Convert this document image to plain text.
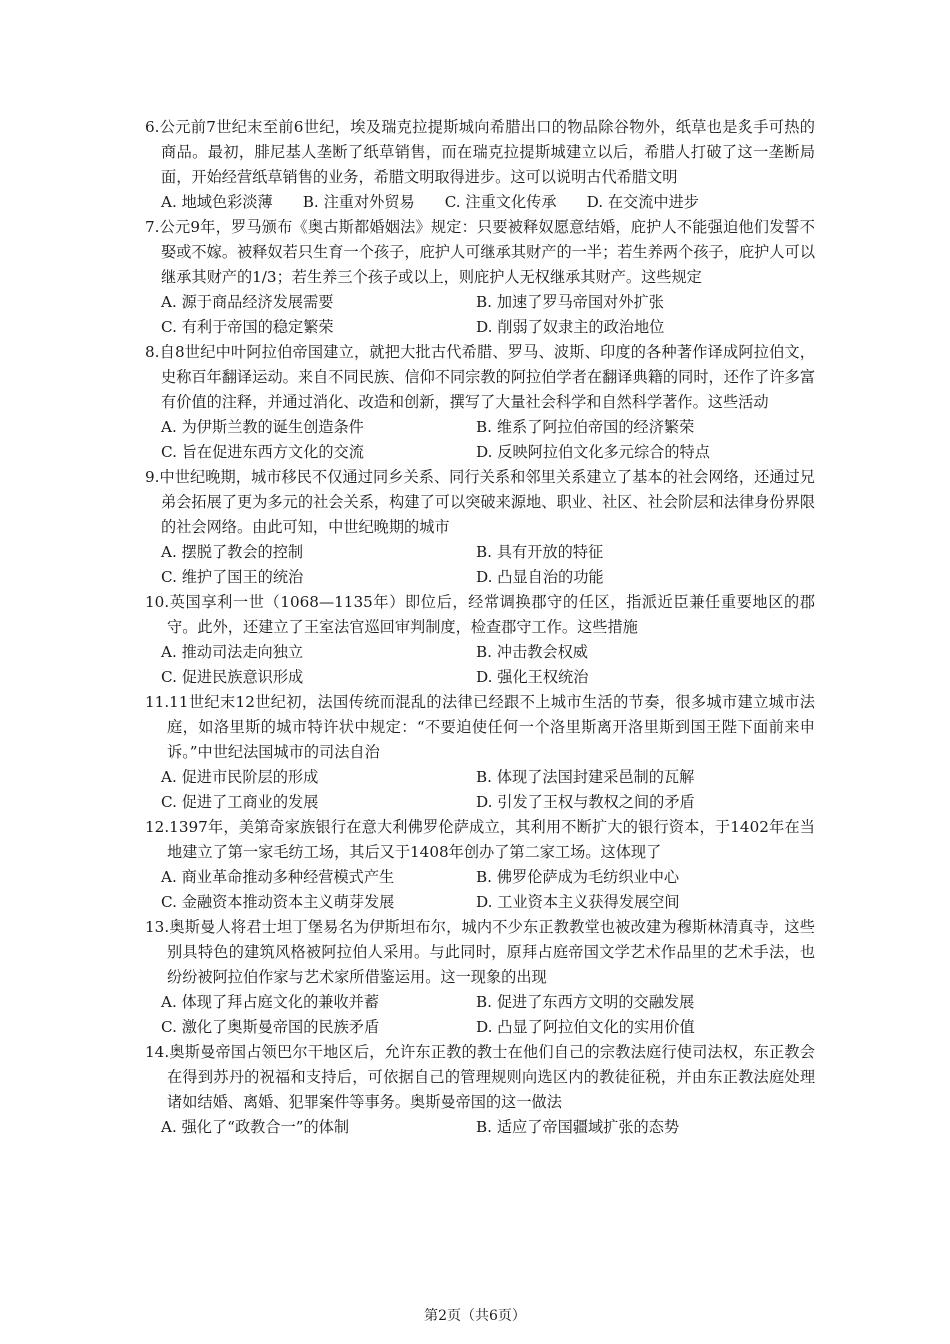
6.公元前7世纪末至前6世纪，埃及瑞克拉提斯城向希腊出口的物品除谷物外，纸草也是炙手可热的商品。最初，腓尼基人垄断了纸草销售，而在瑞克拉提斯城建立以后，希腊人打破了这一垄断局面，开始经营纸草销售的业务，希腊文明取得进步。这可以说明古代希腊文明

A. 地域色彩淡薄 B. 注重对外贸易 C. 注重文化传承 D. 在交流中进步

7.公元9年，罗马颁布《奥古斯都婚姻法》规定：只要被释奴愿意结婚，庇护人不能强迫他们发誓不娶或不嫁。被释奴若只生育一个孩子，庇护人可继承其财产的一半；若生养两个孩子，庇护人可以继承其财产的1/3；若生养三个孩子或以上，则庇护人无权继承其财产。这些规定

A. 源于商品经济发展需要	B. 加速了罗马帝国对外扩张
C. 有利于帝国的稳定繁荣	D. 削弱了奴隶主的政治地位

8.自8世纪中叶阿拉伯帝国建立，就把大批古代希腊、罗马、波斯、印度的各种著作译成阿拉伯文，史称百年翻译运动。来自不同民族、信仰不同宗教的阿拉伯学者在翻译典籍的同时，还作了许多富有价值的注释，并通过消化、改造和创新，撰写了大量社会科学和自然科学著作。这些活动

A. 为伊斯兰教的诞生创造条件	B. 维系了阿拉伯帝国的经济繁荣
C. 旨在促进东西方文化的交流	D. 反映阿拉伯文化多元综合的特点

9.中世纪晚期，城市移民不仅通过同乡关系、同行关系和邻里关系建立了基本的社会网络，还通过兄弟会拓展了更为多元的社会关系，构建了可以突破来源地、职业、社区、社会阶层和法律身份界限的社会网络。由此可知，中世纪晚期的城市

A. 摆脱了教会的控制	B. 具有开放的特征
C. 维护了国王的统治	D. 凸显自治的功能

10.英国享利一世（1068—1135年）即位后，经常调换郡守的任区，指派近臣兼任重要地区的郡守。此外，还建立了王室法官巡回审判制度，检查郡守工作。这些措施

A. 推动司法走向独立	B. 冲击教会权威
C. 促进民族意识形成	D. 强化王权统治

11.11世纪末12世纪初，法国传统而混乱的法律已经跟不上城市生活的节奏，很多城市建立城市法庭，如洛里斯的城市特许状中规定：“不要迫使任何一个洛里斯离开洛里斯到国王陛下面前来申诉。”中世纪法国城市的司法自治

A. 促进市民阶层的形成	B. 体现了法国封建采邑制的瓦解
C. 促进了工商业的发展	D. 引发了王权与教权之间的矛盾

12.1397年，美第奇家族银行在意大利佛罗伦萨成立，其利用不断扩大的银行资本，于1402年在当地建立了第一家毛纺工场，其后又于1408年创办了第二家工场。这体现了

A. 商业革命推动多种经营模式产生	B. 佛罗伦萨成为毛纺织业中心
C. 金融资本推动资本主义萌芽发展	D. 工业资本主义获得发展空间

13.奥斯曼人将君士坦丁堡易名为伊斯坦布尔，城内不少东正教教堂也被改建为穆斯林清真寺，这些别具特色的建筑风格被阿拉伯人采用。与此同时，原拜占庭帝国文学艺术作品里的艺术手法，也纷纷被阿拉伯作家与艺术家所借鉴运用。这一现象的出现

A. 体现了拜占庭文化的兼收并蓄	B. 促进了东西方文明的交融发展
C. 激化了奥斯曼帝国的民族矛盾	D. 凸显了阿拉伯文化的实用价值

14.奥斯曼帝国占领巴尔干地区后，允许东正教的教士在他们自己的宗教法庭行使司法权，东正教会在得到苏丹的祝福和支持后，可依据自己的管理规则向选区内的教徒征税，并由东正教法庭处理诸如结婚、离婚、犯罪案件等事务。奥斯曼帝国的这一做法

A. 强化了“政教合一”的体制	B. 适应了帝国疆域扩张的态势
第2页（共6页）
